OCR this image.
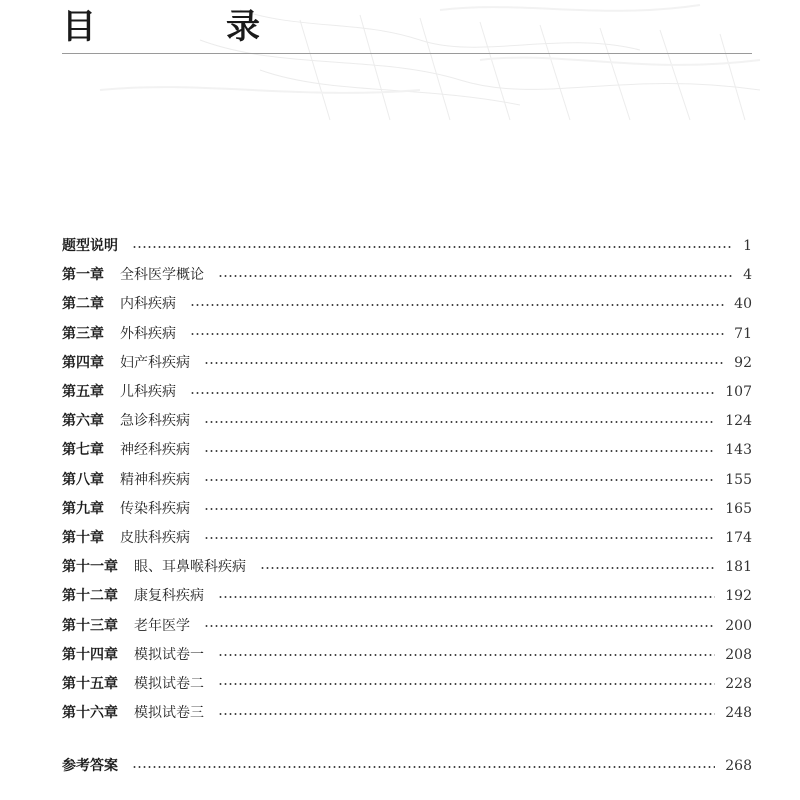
目　录
题型说明	1
第一章 全科医学概论	4
第二章 内科疾病	40
第三章 外科疾病	71
第四章 妇产科疾病	92
第五章 儿科疾病	107
第六章 急诊科疾病	124
第七章 神经科疾病	143
第八章 精神科疾病	155
第九章 传染科疾病	165
第十章 皮肤科疾病	174
第十一章 眼、耳鼻喉科疾病	181
第十二章 康复科疾病	192
第十三章 老年医学	200
第十四章 模拟试卷一	208
第十五章 模拟试卷二	228
第十六章 模拟试卷三	248
参考答案	268
